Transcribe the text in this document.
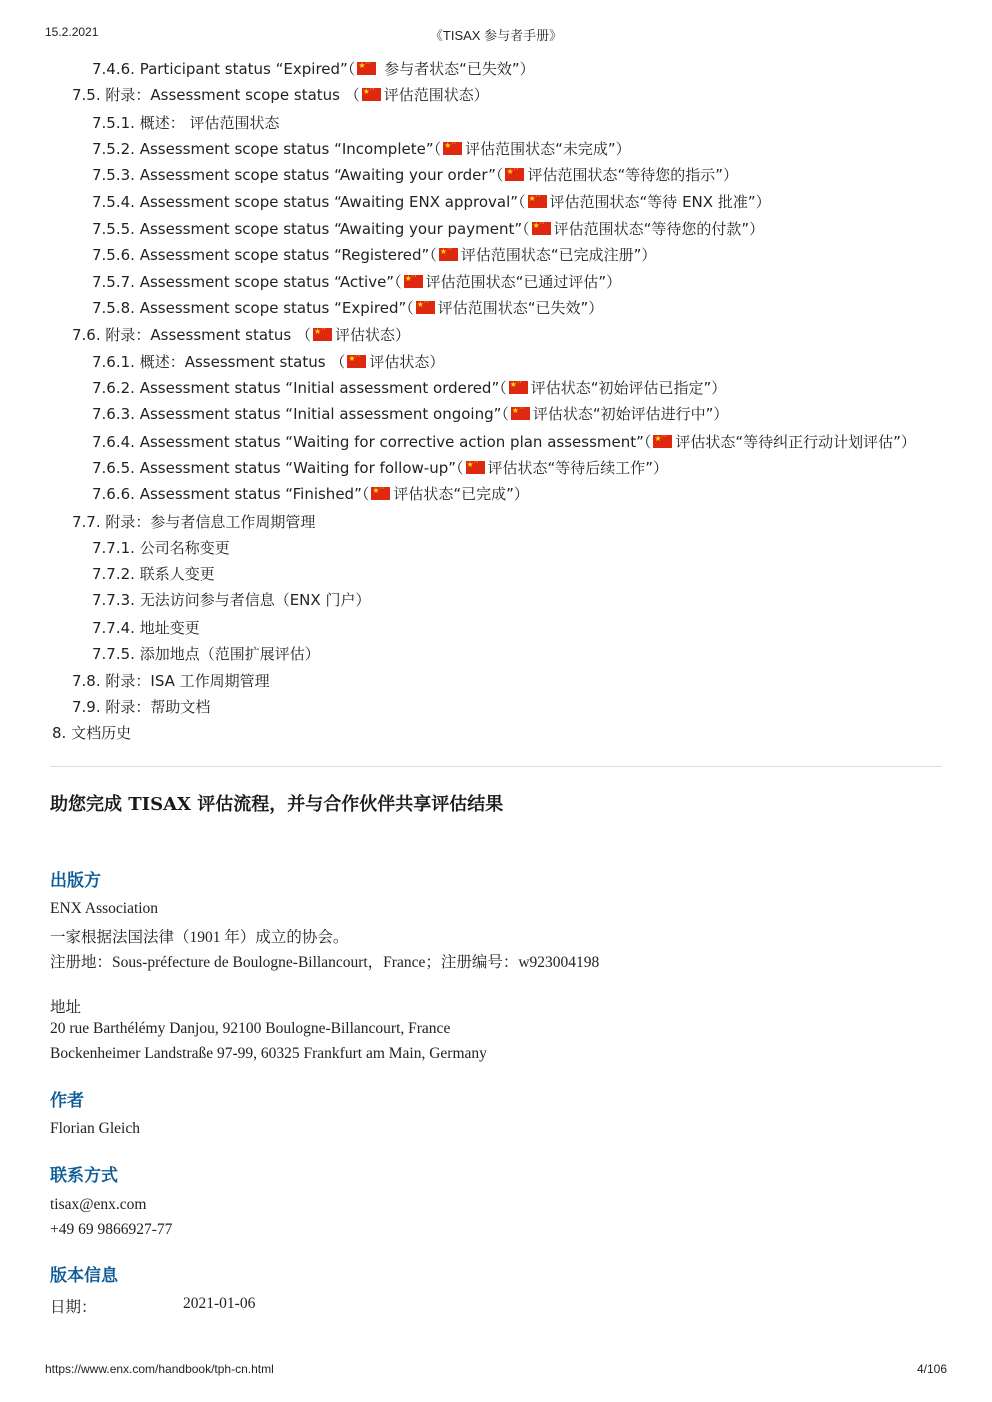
15.2.2021	《TISAX 参与者手册》
7.4.6. Participant status “Expired”（★ ·· 参与者状态“已失效”）
7.5. 附录：Assessment scope status （ ★ ·· 评估范围状态）
7.5.1. 概述： 评估范围状态
7.5.2. Assessment scope status “Incomplete”（ ★ ·· 评估范围状态“未完成”）
7.5.3. Assessment scope status “Awaiting your order”（ ★ ·· 评估范围状态“等待您的指示”）
7.5.4. Assessment scope status “Awaiting ENX approval”（ ★ ·· 评估范围状态“等待 ENX 批准”）
7.5.5. Assessment scope status “Awaiting your payment”（ ★ ·· 评估范围状态“等待您的付款”）
7.5.6. Assessment scope status “Registered”（ ★ ·· 评估范围状态“已完成注册”）
7.5.7. Assessment scope status “Active”（ ★ ·· 评估范围状态“已通过评估”）
7.5.8. Assessment scope status “Expired”（ ★ ·· 评估范围状态“已失效”）
7.6. 附录：Assessment status （ ★ ·· 评估状态）
7.6.1. 概述：Assessment status （ ★ ·· 评估状态）
7.6.2. Assessment status “Initial assessment ordered”（ ★ ·· 评估状态“初始评估已指定”）
7.6.3. Assessment status “Initial assessment ongoing”（ ★ ·· 评估状态“初始评估进行中”）
7.6.4. Assessment status “Waiting for corrective action plan assessment”（ ★ ·· 评估状态“等待纠正行动计划评估”）
7.6.5. Assessment status “Waiting for follow-up”（ ★ ·· 评估状态“等待后续工作”）
7.6.6. Assessment status “Finished”（ ★ ·· 评估状态“已完成”）
7.7. 附录：参与者信息工作周期管理
7.7.1. 公司名称变更
7.7.2. 联系人变更
7.7.3. 无法访问参与者信息（ENX 门户）
7.7.4. 地址变更
7.7.5. 添加地点（范围扩展评估）
7.8. 附录：ISA 工作周期管理
7.9. 附录：帮助文档
8. 文档历史
助您完成 TISAX 评估流程，并与合作伙伴共享评估结果
出版方
ENX Association
一家根据法国法律（1901 年）成立的协会。
注册地：Sous-préfecture de Boulogne-Billancourt，France；注册编号：w923004198
地址
20 rue Barthélémy Danjou, 92100 Boulogne-Billancourt, France
Bockenheimer Landstraße 97-99, 60325 Frankfurt am Main, Germany
作者
Florian Gleich
联系方式
tisax@enx.com
+49 69 9866927-77
版本信息
日期：	2021-01-06
https://www.enx.com/handbook/tph-cn.html	4/106
